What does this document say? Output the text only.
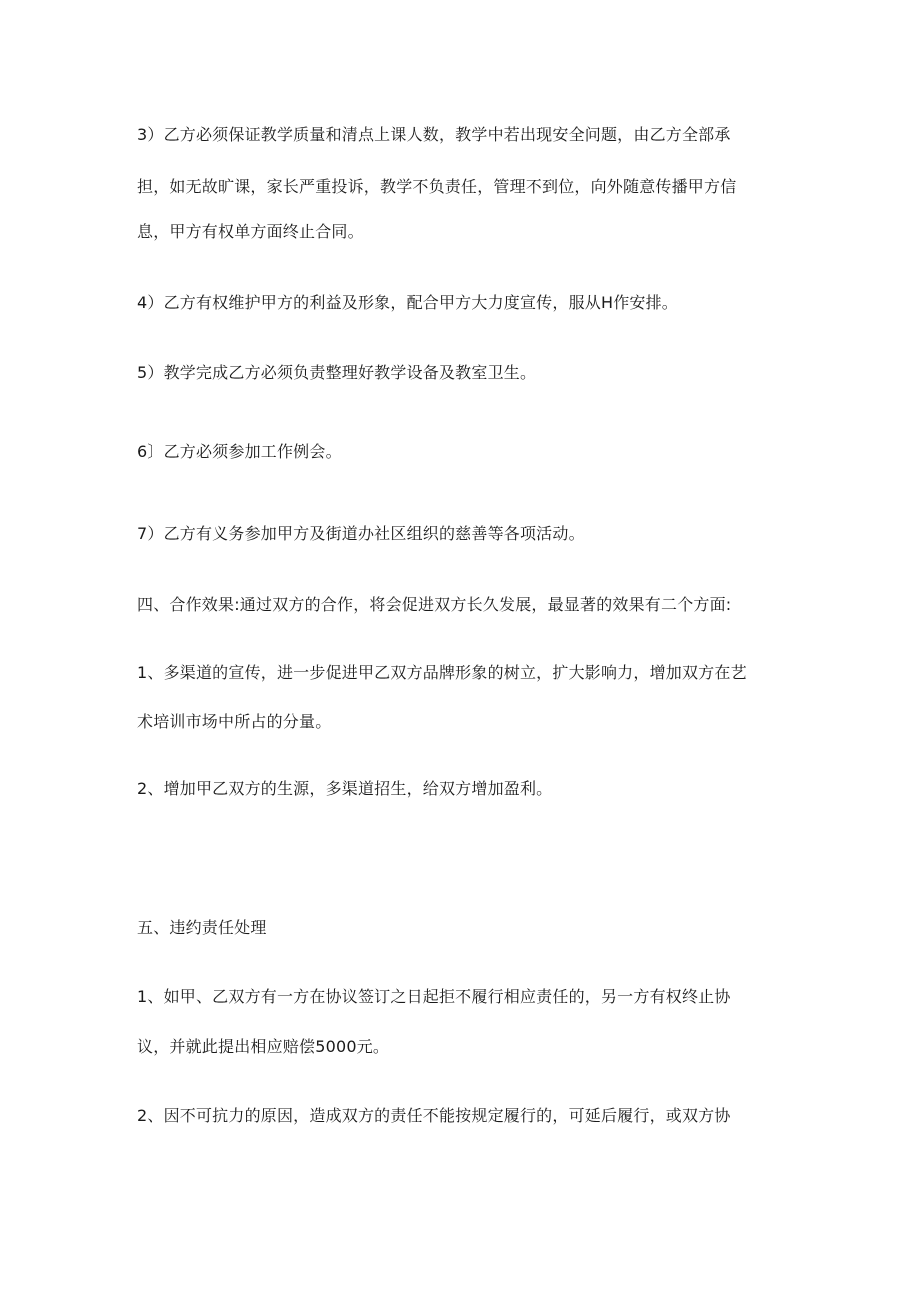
3）乙方必须保证教学质量和清点上课人数，教学中若出现安全问题，由乙方全部承

担，如无故旷课，家长严重投诉，教学不负责任，管理不到位，向外随意传播甲方信

息，甲方有权单方面终止合同。

4）乙方有权维护甲方的利益及形象，配合甲方大力度宣传，服从H作安排。

5）教学完成乙方必须负责整理好教学设备及教室卫生。

6〕乙方必须参加工作例会。

7）乙方有义务参加甲方及街道办社区组织的慈善等各项活动。

四、合作效果:通过双方的合作，将会促进双方长久发展，最显著的效果有二个方面:

1、多渠道的宣传，进一步促进甲乙双方品牌形象的树立，扩大影响力，增加双方在艺

术培训市场中所占的分量。

2、增加甲乙双方的生源，多渠道招生，给双方增加盈利。

五、违约责任处理

1、如甲、乙双方有一方在协议签订之日起拒不履行相应责任的，另一方有权终止协

议，并就此提出相应赔偿5000元。

2、因不可抗力的原因，造成双方的责任不能按规定履行的，可延后履行，或双方协
